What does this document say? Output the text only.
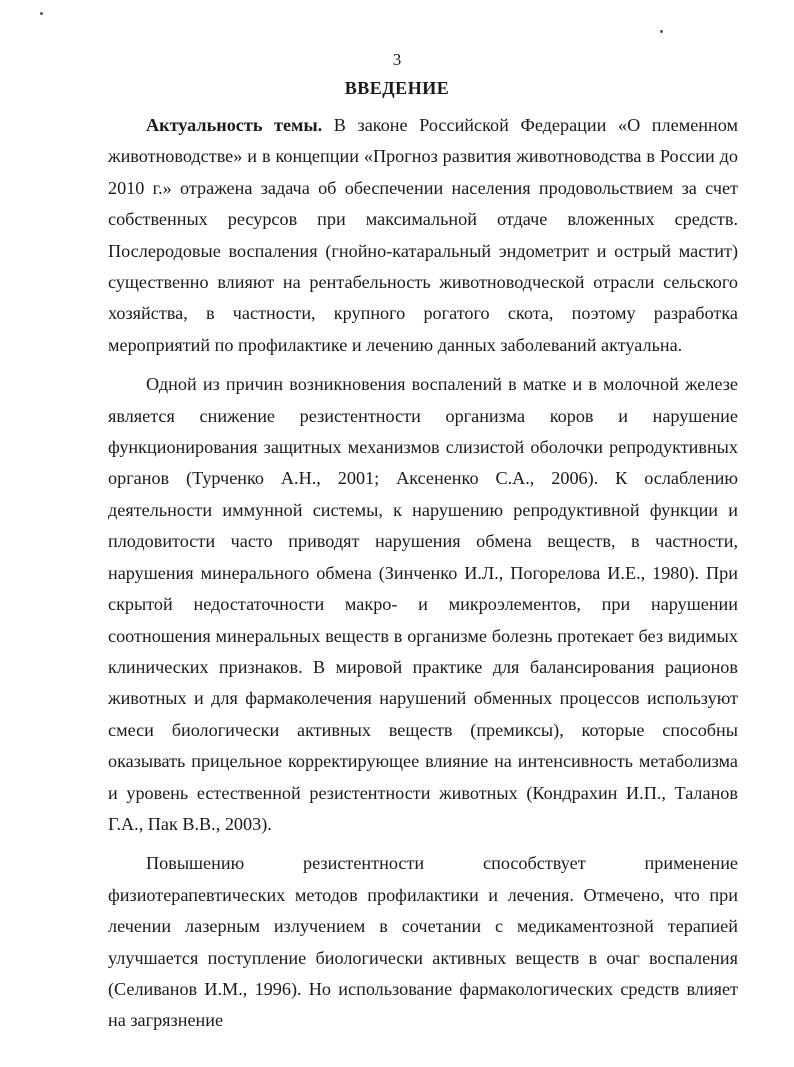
3
ВВЕДЕНИЕ

Актуальность темы. В законе Российской Федерации «О племенном животноводстве» и в концепции «Прогноз развития животноводства в России до 2010 г.» отражена задача об обеспечении населения продовольствием за счет собственных ресурсов при максимальной отдаче вложенных средств. Послеродовые воспаления (гнойно-катаральный эндометрит и острый мастит) существенно влияют на рентабельность животноводческой отрасли сельского хозяйства, в частности, крупного рогатого скота, поэтому разработка мероприятий по профилактике и лечению данных заболеваний актуальна.

Одной из причин возникновения воспалений в матке и в молочной железе является снижение резистентности организма коров и нарушение функционирования защитных механизмов слизистой оболочки репродуктивных органов (Турченко А.Н., 2001; Аксененко С.А., 2006). К ослаблению деятельности иммунной системы, к нарушению репродуктивной функции и плодовитости часто приводят нарушения обмена веществ, в частности, нарушения минерального обмена (Зинченко И.Л., Погорелова И.Е., 1980). При скрытой недостаточности макро- и микроэлементов, при нарушении соотношения минеральных веществ в организме болезнь протекает без видимых клинических признаков. В мировой практике для балансирования рационов животных и для фармаколечения нарушений обменных процессов используют смеси биологически активных веществ (премиксы), которые способны оказывать прицельное корректирующее влияние на интенсивность метаболизма и уровень естественной резистентности животных (Кондрахин И.П., Таланов Г.А., Пак В.В., 2003).

Повышению резистентности способствует применение физиотерапевтических методов профилактики и лечения. Отмечено, что при лечении лазерным излучением в сочетании с медикаментозной терапией улучшается поступление биологически активных веществ в очаг воспаления (Селиванов И.М., 1996). Но использование фармакологических средств влияет на загрязнение
